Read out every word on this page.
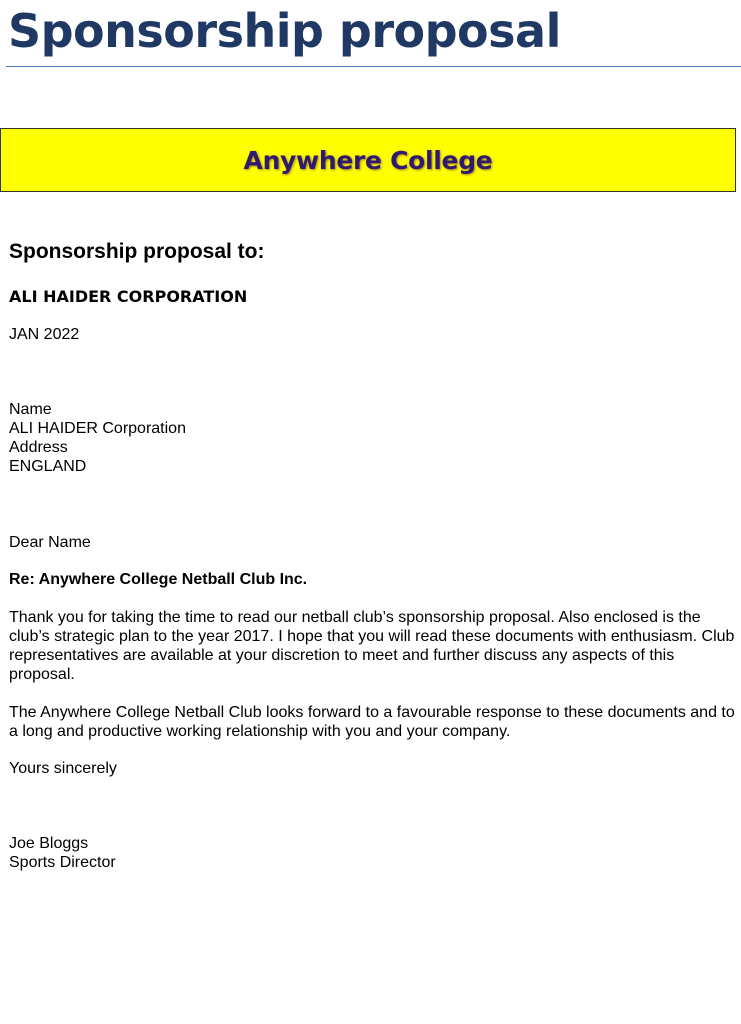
Sponsorship proposal
Anywhere College
Sponsorship proposal to:
ALI HAIDER CORPORATION
JAN 2022
Name
ALI HAIDER Corporation
Address
ENGLAND
Dear Name
Re: Anywhere College Netball Club Inc.

Thank you for taking the time to read our netball club’s sponsorship proposal. Also enclosed is the club’s strategic plan to the year 2017. I hope that you will read these documents with enthusiasm. Club representatives are available at your discretion to meet and further discuss any aspects of this proposal.

The Anywhere College Netball Club looks forward to a favourable response to these documents and to a long and productive working relationship with you and your company.

Yours sincerely
Joe Bloggs
Sports Director
